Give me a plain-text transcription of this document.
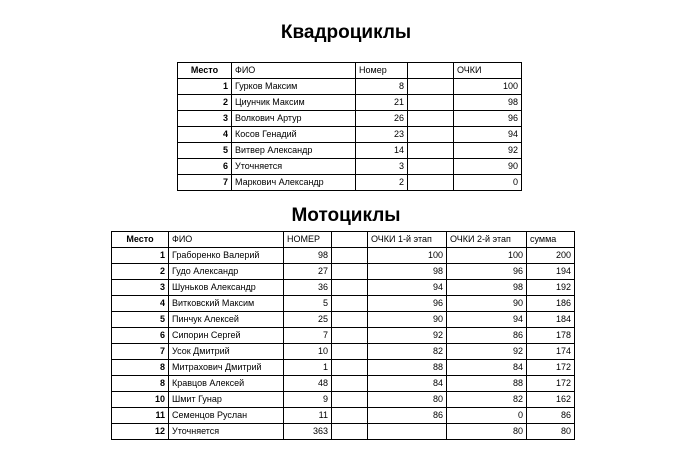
Квадроциклы
Место	ФИО	Номер		ОЧКИ
1	Гурков Максим	8		100
2	Циунчик Максим	21		98
3	Волкович Артур	26		96
4	Косов Генадий	23		94
5	Витвер Александр	14		92
6	Уточняется	3		90
7	Маркович Александр	2		0
Мотоциклы
Место	ФИО	НОМЕР		ОЧКИ 1-й этап	ОЧКИ 2-й этап	сумма
1	Граборенко Валерий	98		100	100	200
2	Гудо Александр	27		98	96	194
3	Шуньков Александр	36		94	98	192
4	Витковский Максим	5		96	90	186
5	Пинчук Алексей	25		90	94	184
6	Сипорин Сергей	7		92	86	178
7	Усок Дмитрий	10		82	92	174
8	Митрахович Дмитрий	1		88	84	172
8	Кравцов Алексей	48		84	88	172
10	Шмит Гунар	9		80	82	162
11	Семенцов Руслан	11		86	0	86
12	Уточняется	363			80	80
